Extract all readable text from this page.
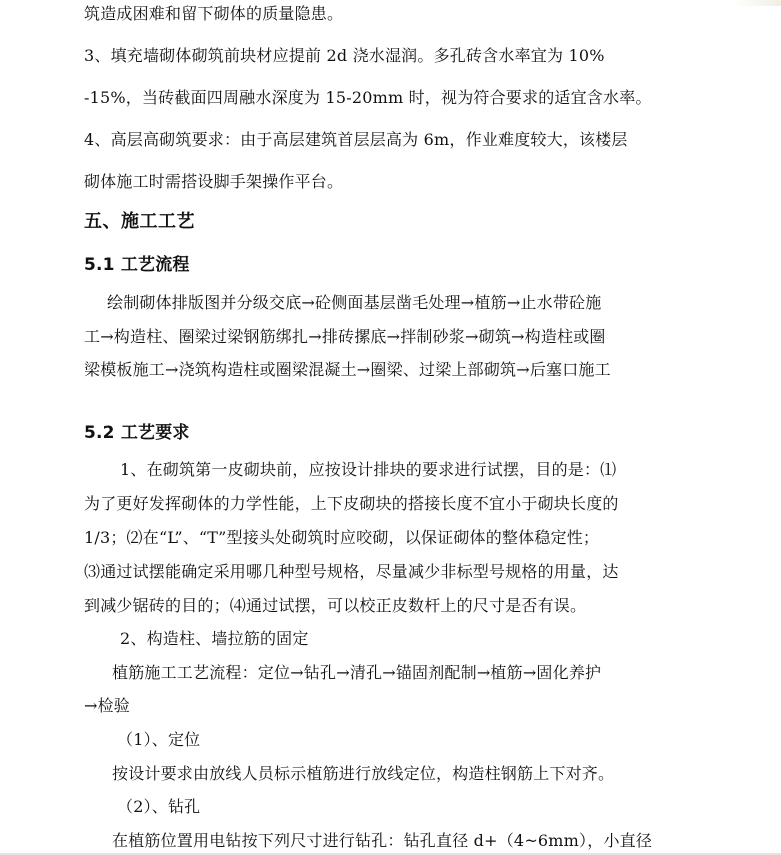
筑造成困难和留下砌体的质量隐患。
3、填充墙砌体砌筑前块材应提前 2d 浇水湿润。多孔砖含水率宜为 10%
-15%，当砖截面四周融水深度为 15-20mm 时，视为符合要求的适宜含水率。
4、高层高砌筑要求：由于高层建筑首层层高为 6m，作业难度较大，该楼层
砌体施工时需搭设脚手架操作平台。
五、施工工艺
5.1 工艺流程
绘制砌体排版图并分级交底→砼侧面基层凿毛处理→植筋→止水带砼施
工→构造柱、圈梁过梁钢筋绑扎→排砖摞底→拌制砂浆→砌筑→构造柱或圈
梁模板施工→浇筑构造柱或圈梁混凝土→圈梁、过梁上部砌筑→后塞口施工
5.2 工艺要求
1、在砌筑第一皮砌块前，应按设计排块的要求进行试摆，目的是：⑴
为了更好发挥砌体的力学性能，上下皮砌块的搭接长度不宜小于砌块长度的
1/3；⑵在“L”、“T”型接头处砌筑时应咬砌，以保证砌体的整体稳定性；
⑶通过试摆能确定采用哪几种型号规格，尽量减少非标型号规格的用量，达
到减少锯砖的目的；⑷通过试摆，可以校正皮数杆上的尺寸是否有误。
2、构造柱、墙拉筋的固定
植筋施工工艺流程：定位→钻孔→清孔→锚固剂配制→植筋→固化养护
→检验
（1）、定位
按设计要求由放线人员标示植筋进行放线定位，构造柱钢筋上下对齐。
（2）、钻孔
在植筋位置用电钻按下列尺寸进行钻孔：钻孔直径 d+（4~6mm），小直径
